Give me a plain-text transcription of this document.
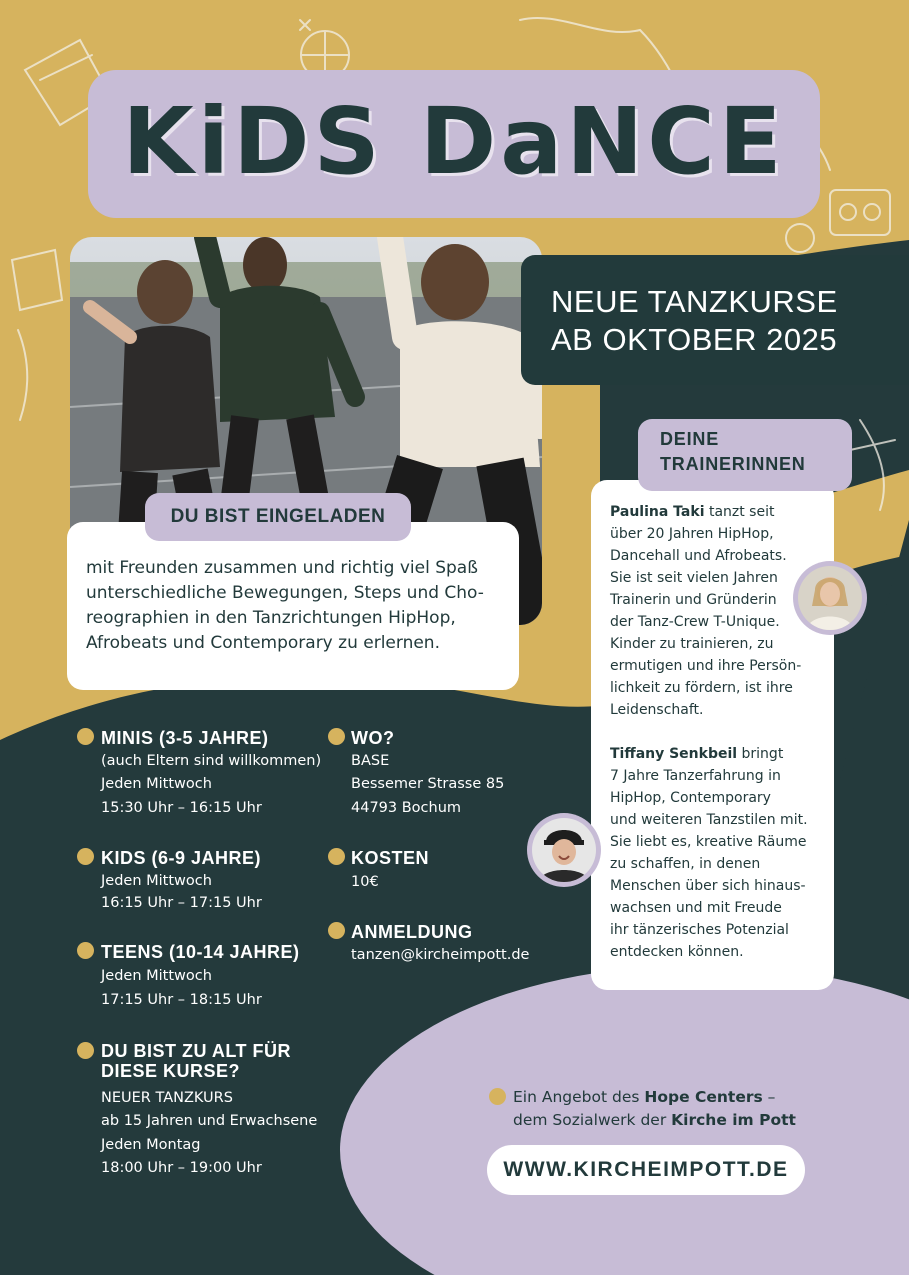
KiDS DaNCE
NEUE TANZKURSE
AB OKTOBER 2025
mit Freunden zusammen und richtig viel Spaß
unterschiedliche Bewegungen, Steps und Cho-
reographien in den Tanzrichtungen HipHop,
Afrobeats und Contemporary zu erlernen.
DU BIST EINGELADEN	Paulina Taki tanzt seit
über 20 Jahren HipHop,
Dancehall und Afrobeats.
Sie ist seit vielen Jahren
Trainerin und Gründerin
der Tanz-Crew T-Unique.
Kinder zu trainieren, zu
ermutigen und ihre Persön-
lichkeit zu fördern, ist ihre
Leidenschaft.
Tiffany Senkbeil bringt
7 Jahre Tanzerfahrung in
HipHop, Contemporary
und weiteren Tanzstilen mit.
Sie liebt es, kreative Räume
zu schaffen, in denen
Menschen über sich hinaus-
wachsen und mit Freude
ihr tänzerisches Potenzial
entdecken können.
DEINE
TRAINERINNEN
MINIS (3-5 JAHRE)
(auch Eltern sind willkommen)
Jeden Mittwoch
15:30 Uhr – 16:15 Uhr
KIDS (6-9 JAHRE)
Jeden Mittwoch
16:15 Uhr – 17:15 Uhr
TEENS (10-14 JAHRE)
Jeden Mittwoch
17:15 Uhr – 18:15 Uhr
DU BIST ZU ALT FÜR
DIESE KURSE?
NEUER TANZKURS
ab 15 Jahren und Erwachsene
Jeden Montag
18:00 Uhr – 19:00 Uhr
WO?
BASE
Bessemer Strasse 85
44793 Bochum
KOSTEN
10€
ANMELDUNG
tanzen@kircheimpott.de
Ein Angebot des Hope Centers –
dem Sozialwerk der Kirche im Pott
WWW.KIRCHEIMPOTT.DE
